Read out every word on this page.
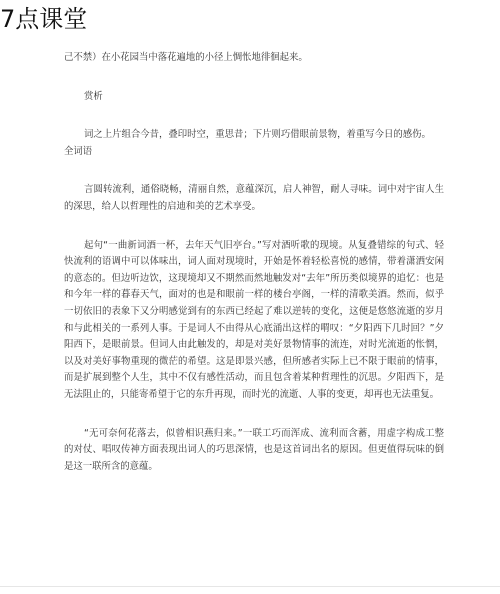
7点课堂

己不禁）在小花园当中落花遍地的小径上惆怅地徘徊起来。

赏析

词之上片组合今昔，叠印时空，重思昔；下片则巧借眼前景物，着重写今日的感伤。

全词语

言圆转流利，通俗晓畅，清丽自然，意蕴深沉，启人神智，耐人寻味。词中对宇宙人生的深思，给人以哲理性的启迪和美的艺术享受。

起句“一曲新词酒一杯，去年天气旧亭台。”写对酒听歌的现境。从复叠错综的句式、轻快流利的语调中可以体味出，词人面对现境时，开始是怀着轻松喜悦的感情，带着潇洒安闲的意态的。但边听边饮，这现境却又不期然而然地触发对“去年”所历类似境界的追忆：也是和今年一样的暮春天气，面对的也是和眼前一样的楼台亭阁，一样的清歌美酒。然而，似乎一切依旧的表象下又分明感觉到有的东西已经起了难以逆转的变化，这便是悠悠流逝的岁月和与此相关的一系列人事。于是词人不由得从心底涌出这样的喟叹：“夕阳西下几时回？”夕阳西下，是眼前景。但词人由此触发的，却是对美好景物情事的流连，对时光流逝的怅惘，以及对美好事物重现的微茫的希望。这是即景兴感，但所感者实际上已不限于眼前的情事，而是扩展到整个人生，其中不仅有感性活动，而且包含着某种哲理性的沉思。夕阳西下，是无法阻止的，只能寄希望于它的东升再现，而时光的流逝、人事的变更，却再也无法重复。

“无可奈何花落去，似曾相识燕归来。”一联工巧而浑成、流利而含蓄，用虚字构成工整的对仗、唱叹传神方面表现出词人的巧思深情，也是这首词出名的原因。但更值得玩味的倒是这一联所含的意蕴。
